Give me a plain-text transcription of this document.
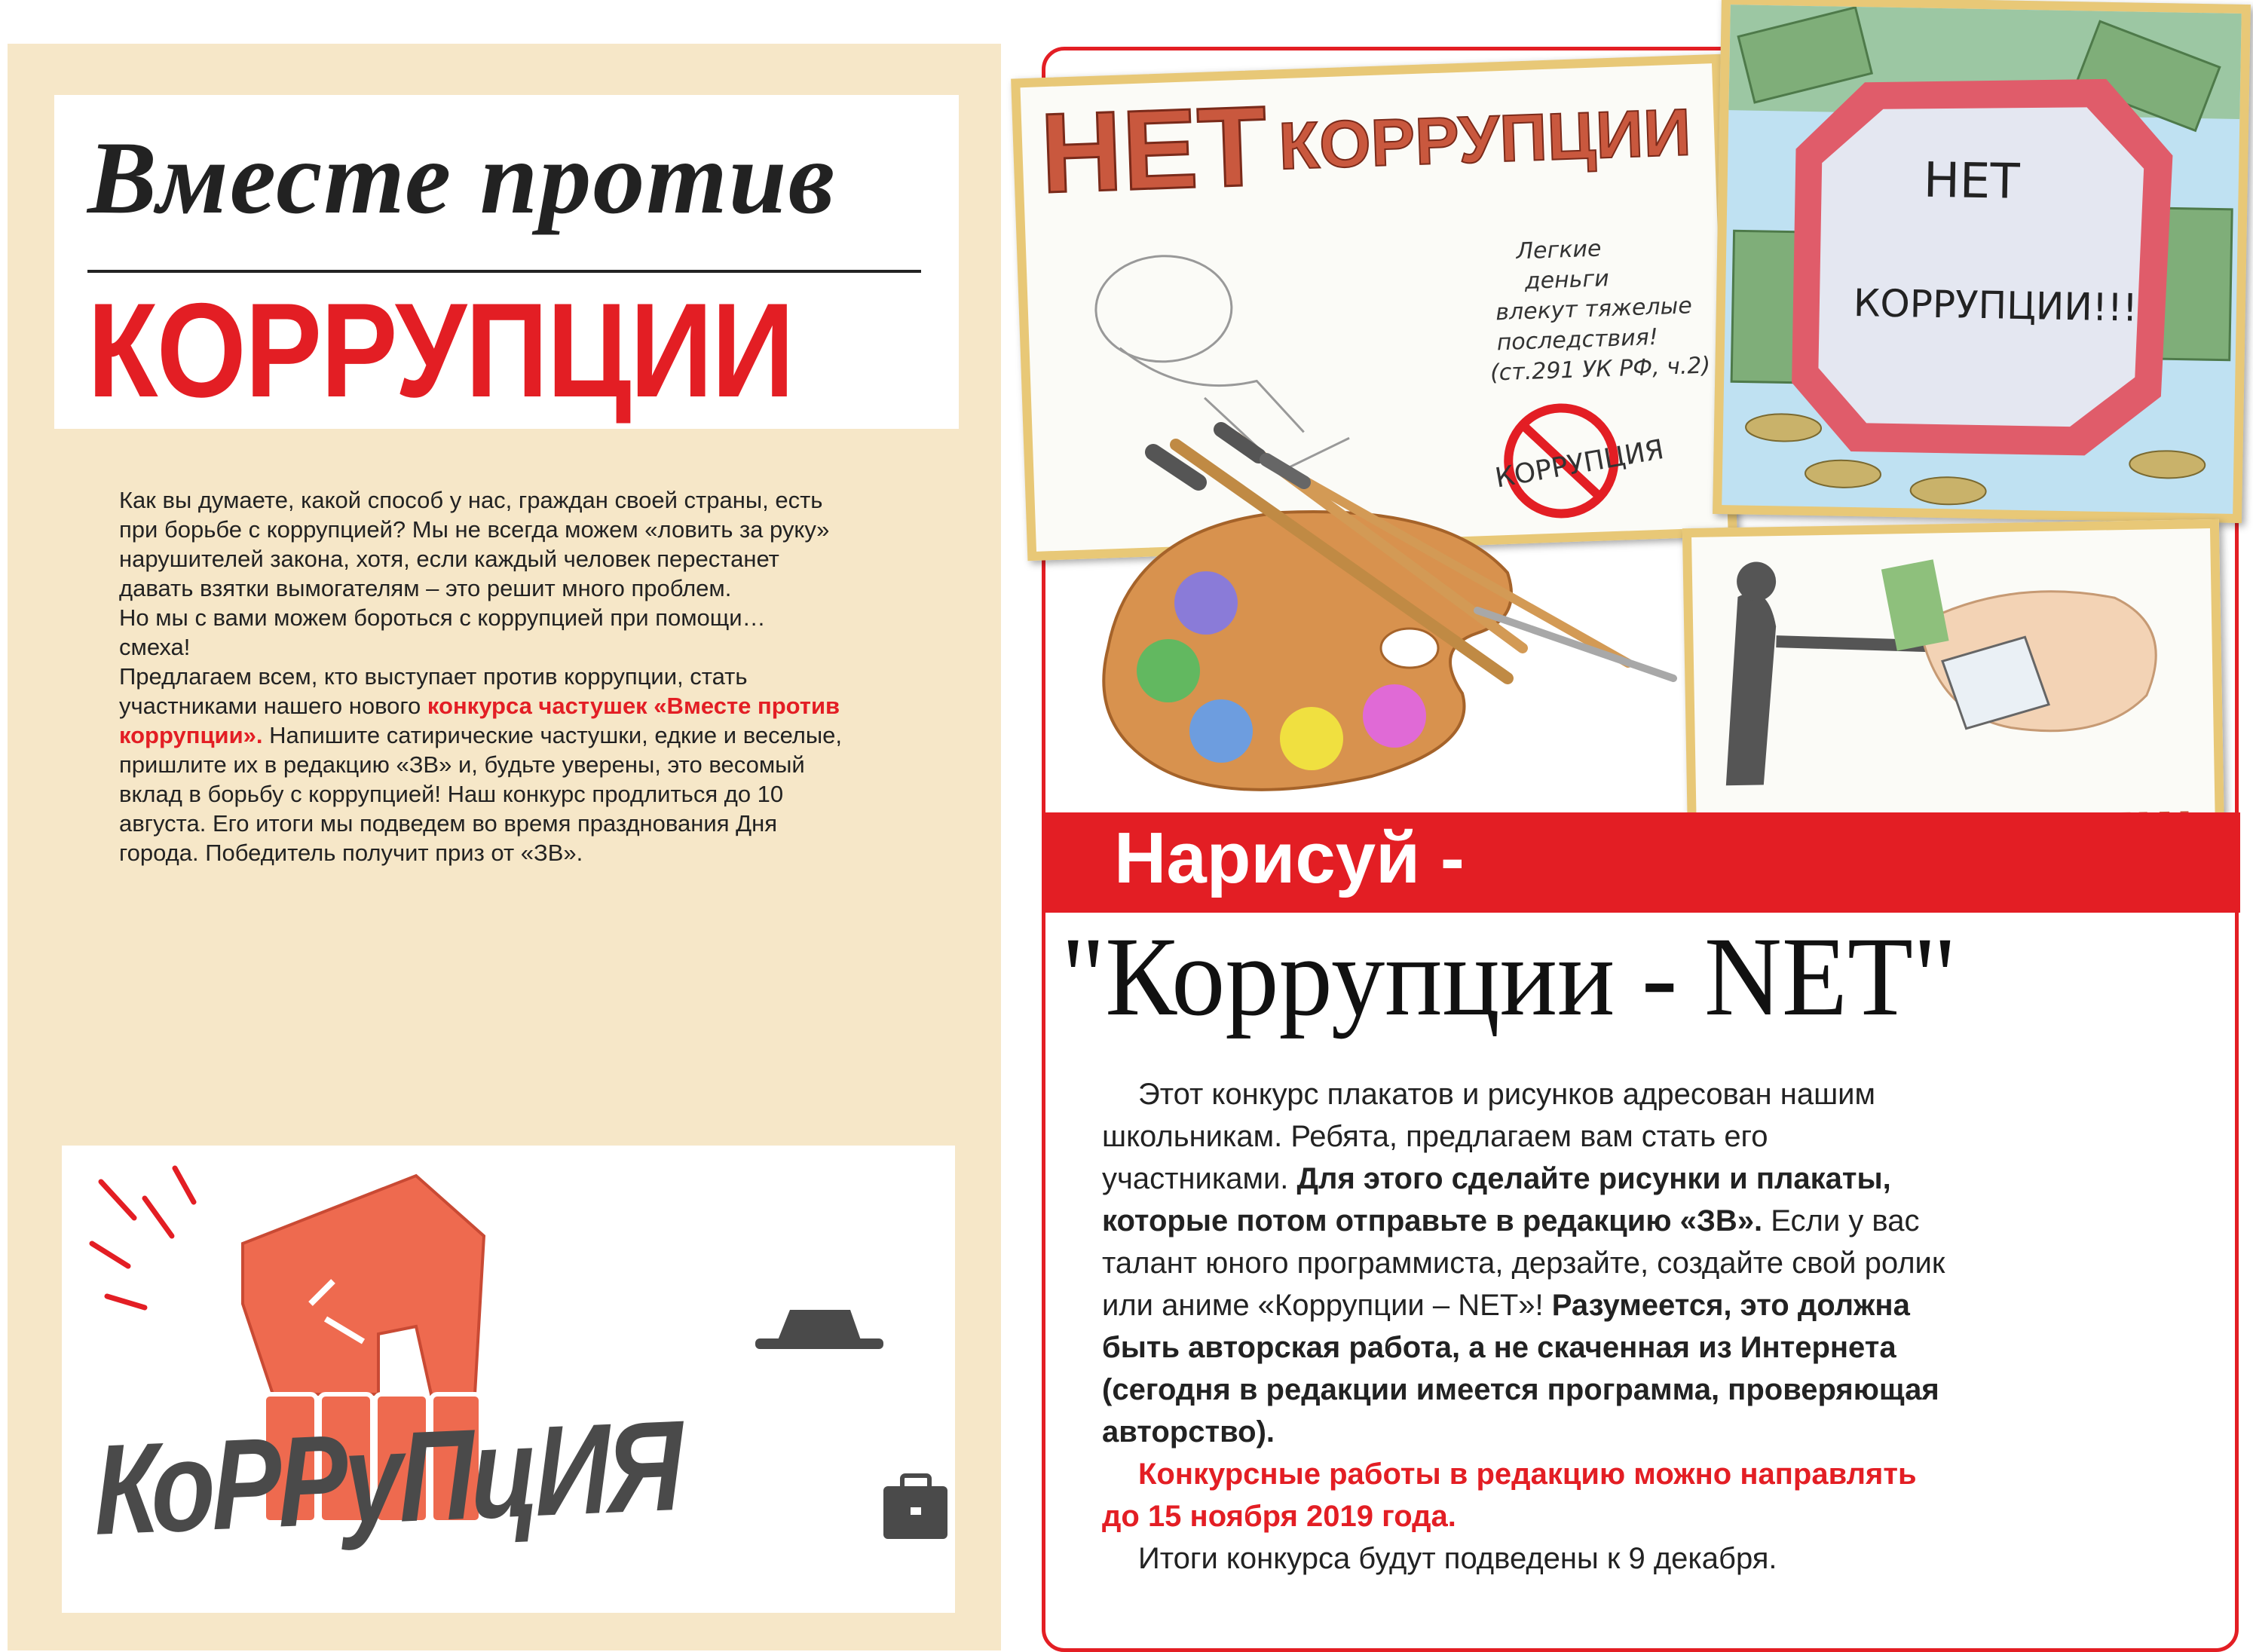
Вместе против
КОРРУПЦИИ

Как вы думаете, какой способ у нас, граждан своей страны, есть при борьбе с коррупцией? Мы не всегда можем «ловить за руку» нарушителей закона, хотя, если каждый человек перестанет давать взятки вымогателям – это решит много проблем.

Но мы с вами можем бороться с коррупцией при помощи… смеха!

Предлагаем всем, кто выступает против коррупции, стать участниками нашего нового конкурса частушек «Вместе против коррупции». Напишите сатирические частушки, едкие и веселые, пришлите их в редакцию «ЗВ» и, будьте уверены, это весомый вклад в борьбу с коррупцией! Наш конкурс продлиться до 10 августа. Его итоги мы подведем во время празднования Дня города. Победитель получит приз от «ЗВ».

КоРРуПцИЯ
НЕТ КОРРУПЦИИ
Легкие
деньги
влекут тяжелые
последствия!
(ст.291 УК РФ, ч.2)
КОРРУПЦИЯ
НЕТ
КОРРУПЦИИ!!!
Нарисуй -
"Коррупции - NET"

Этот конкурс плакатов и рисунков адресован нашим школьникам. Ребята, предлагаем вам стать его участниками. Для этого сделайте рисунки и плакаты, которые потом отправьте в редакцию «ЗВ». Если у вас талант юного программиста, дерзайте, создайте свой ролик или аниме «Коррупции – NET»! Разумеется, это должна быть авторская работа, а не скаченная из Интернета (сегодня в редакции имеется программа, проверяющая авторство).

Конкурсные работы в редакцию можно направлять до 15 ноября 2019 года.

Итоги конкурса будут подведены к 9 декабря.
